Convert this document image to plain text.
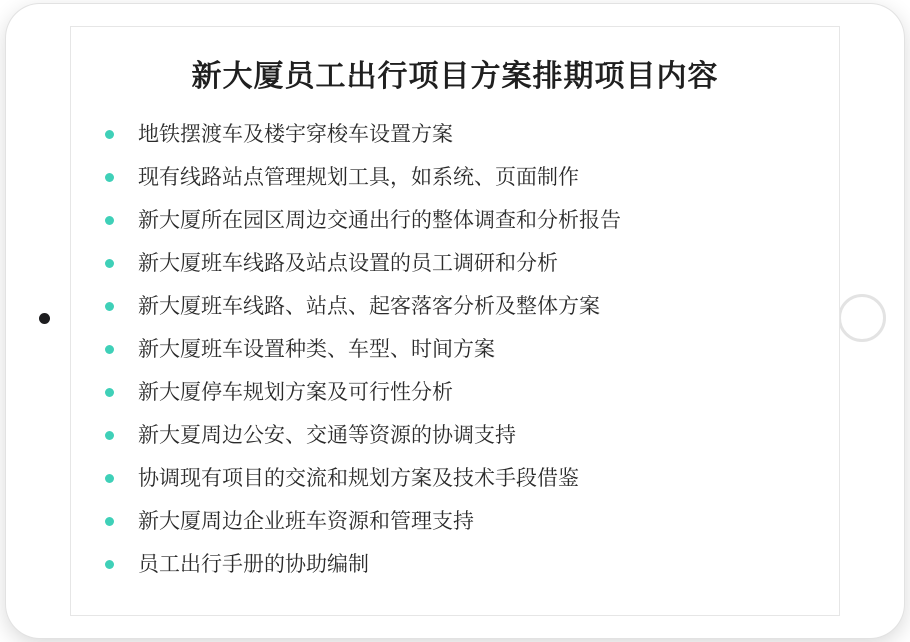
新大厦员工出行项目方案排期项目内容
地铁摆渡车及楼宇穿梭车设置方案
现有线路站点管理规划工具，如系统、页面制作
新大厦所在园区周边交通出行的整体调查和分析报告
新大厦班车线路及站点设置的员工调研和分析
新大厦班车线路、站点、起客落客分析及整体方案
新大厦班车设置种类、车型、时间方案
新大厦停车规划方案及可行性分析
新大夏周边公安、交通等资源的协调支持
协调现有项目的交流和规划方案及技术手段借鉴
新大厦周边企业班车资源和管理支持
员工出行手册的协助编制
